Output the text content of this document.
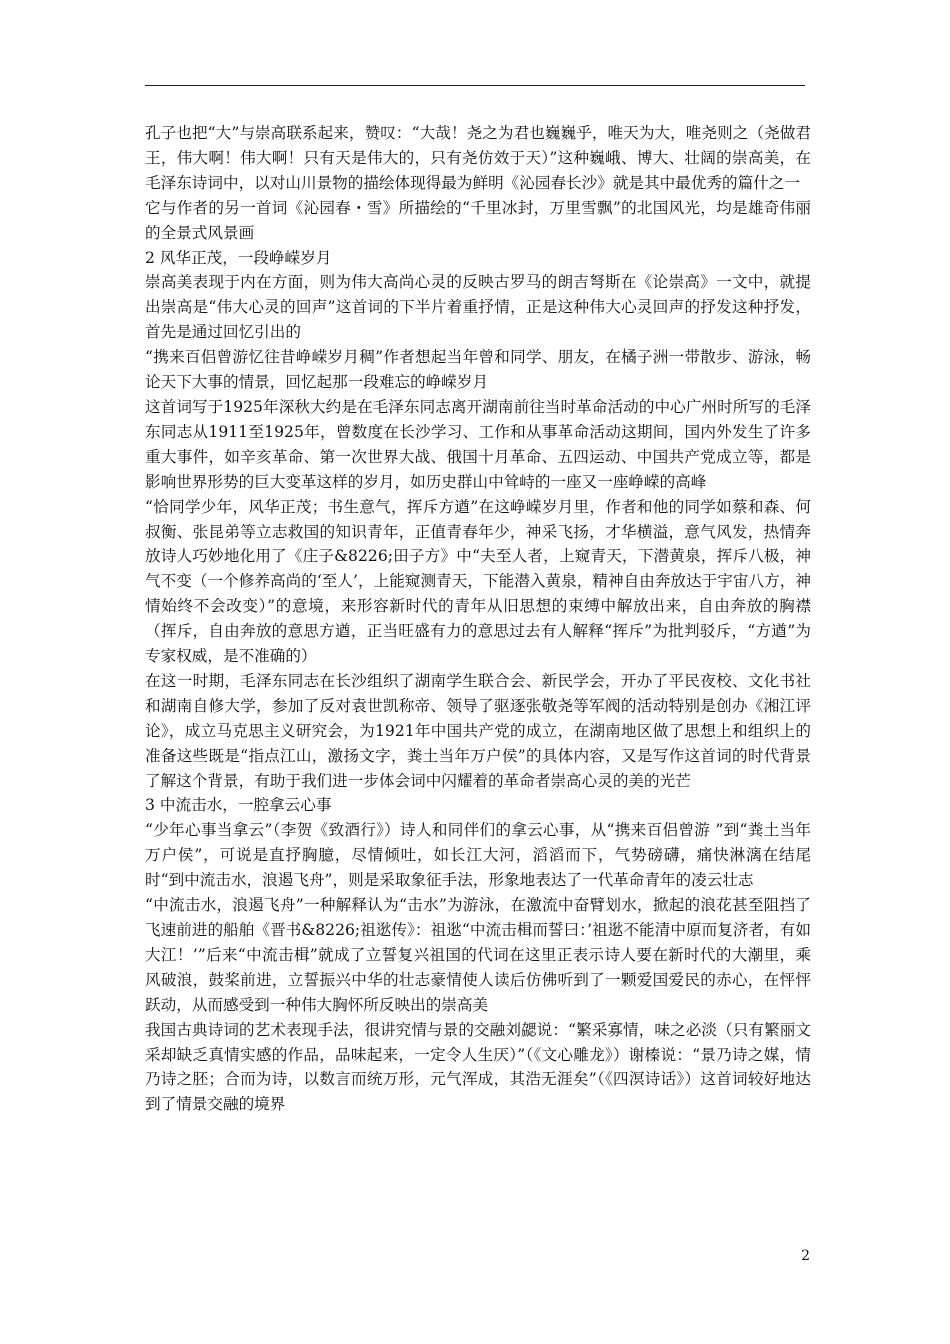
孔子也把“大”与崇高联系起来，赞叹：“大哉！尧之为君也巍巍乎，唯天为大，唯尧则之（尧做君王，伟大啊！伟大啊！只有天是伟大的，只有尧仿效于天）”这种巍峨、博大、壮阔的崇高美，在毛泽东诗词中，以对山川景物的描绘体现得最为鲜明《沁园春长沙》就是其中最优秀的篇什之一

它与作者的另一首词《沁园春・雪》所描绘的“千里冰封，万里雪飘”的北国风光，均是雄奇伟丽的全景式风景画

2 风华正茂，一段峥嵘岁月

崇高美表现于内在方面，则为伟大高尚心灵的反映古罗马的朗吉弩斯在《论崇高》一文中，就提出崇高是“伟大心灵的回声”这首词的下半片着重抒情，正是这种伟大心灵回声的抒发这种抒发，首先是通过回忆引出的

“携来百侣曾游忆往昔峥嵘岁月稠”作者想起当年曾和同学、朋友，在橘子洲一带散步、游泳，畅论天下大事的情景，回忆起那一段难忘的峥嵘岁月

这首词写于1925年深秋大约是在毛泽东同志离开湖南前往当时革命活动的中心广州时所写的毛泽东同志从1911至1925年，曾数度在长沙学习、工作和从事革命活动这期间，国内外发生了许多重大事件，如辛亥革命、第一次世界大战、俄国十月革命、五四运动、中国共产党成立等，都是影响世界形势的巨大变革这样的岁月，如历史群山中耸峙的一座又一座峥嵘的高峰

“恰同学少年，风华正茂；书生意气，挥斥方遒”在这峥嵘岁月里，作者和他的同学如蔡和森、何叔衡、张昆弟等立志救国的知识青年，正值青春年少，神采飞扬，才华横溢，意气风发，热情奔放诗人巧妙地化用了《庄子&8226;田子方》中“夫至人者，上窥青天，下潜黄泉，挥斥八极，神气不变（一个修养高尚的‘至人’，上能窥测青天，下能潜入黄泉，精神自由奔放达于宇宙八方，神情始终不会改变）”的意境，来形容新时代的青年从旧思想的束缚中解放出来，自由奔放的胸襟（挥斥，自由奔放的意思方遒，正当旺盛有力的意思过去有人解释“挥斥”为批判驳斥，“方遒”为专家权威，是不准确的）

在这一时期，毛泽东同志在长沙组织了湖南学生联合会、新民学会，开办了平民夜校、文化书社和湖南自修大学，参加了反对袁世凯称帝、领导了驱逐张敬尧等军阀的活动特别是创办《湘江评论》，成立马克思主义研究会，为1921年中国共产党的成立，在湖南地区做了思想上和组织上的准备这些既是“指点江山，激扬文字，粪土当年万户侯”的具体内容，又是写作这首词的时代背景了解这个背景，有助于我们进一步体会词中闪耀着的革命者崇高心灵的美的光芒

3 中流击水，一腔拿云心事

“少年心事当拿云”（李贺《致酒行》）诗人和同伴们的拿云心事，从“携来百侣曾游 ”到“粪土当年万户侯”，可说是直抒胸臆，尽情倾吐，如长江大河，滔滔而下，气势磅礴，痛快淋漓在结尾时“到中流击水，浪遏飞舟”，则是采取象征手法，形象地表达了一代革命青年的凌云壮志

“中流击水，浪遏飞舟”一种解释认为“击水”为游泳，在激流中奋臂划水，掀起的浪花甚至阻挡了飞速前进的船舶《晋书&8226;祖逖传》：祖逖“中流击楫而誓曰：’祖逖不能清中原而复济者，有如大江！’”后来“中流击楫”就成了立誓复兴祖国的代词在这里正表示诗人要在新时代的大潮里，乘风破浪，鼓桨前进，立誓振兴中华的壮志豪情使人读后仿佛听到了一颗爱国爱民的赤心，在怦怦跃动，从而感受到一种伟大胸怀所反映出的崇高美

我国古典诗词的艺术表现手法，很讲究情与景的交融刘勰说：“繁采寡情，味之必淡（只有繁丽文采却缺乏真情实感的作品，品味起来，一定令人生厌）”（《文心雕龙》）谢榛说：“景乃诗之媒，情乃诗之胚；合而为诗，以数言而统万形，元气浑成，其浩无涯矣”（《四溟诗话》）这首词较好地达到了情景交融的境界

2
